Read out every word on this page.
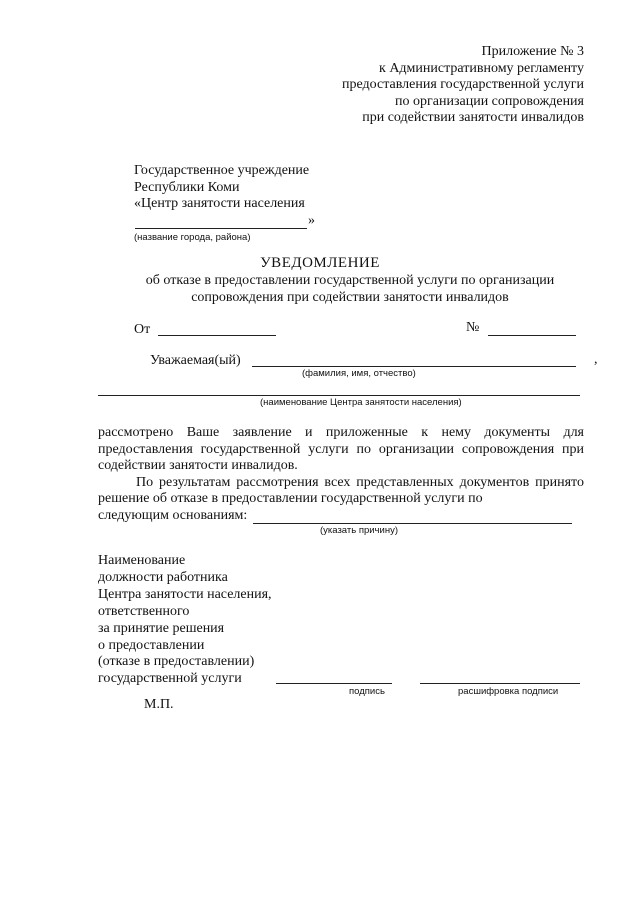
Приложение № 3
к Административному регламенту
предоставления государственной услуги
по организации сопровождения
при содействии занятости инвалидов
Государственное учреждение
Республики Коми
«Центр занятости населения
»
(название города, района)
УВЕДОМЛЕНИЕ
об отказе в предоставлении государственной услуги по организации сопровождения при содействии занятости инвалидов
От	№
Уважаемая(ый)	,
(фамилия, имя, отчество)
(наименование Центра занятости населения)

рассмотрено Ваше заявление и приложенные к нему документы для предоставления государственной услуги по организации сопровождения при содействии занятости инвалидов.

По результатам рассмотрения всех представленных документов принято решение об отказе в предоставлении государственной услуги по

следующим основаниям:
(указать причину)
Наименование
должности работника
Центра занятости населения,
ответственного
за принятие решения
о предоставлении
(отказе в предоставлении)
государственной услуги
подпись	расшифровка подписи
М.П.
